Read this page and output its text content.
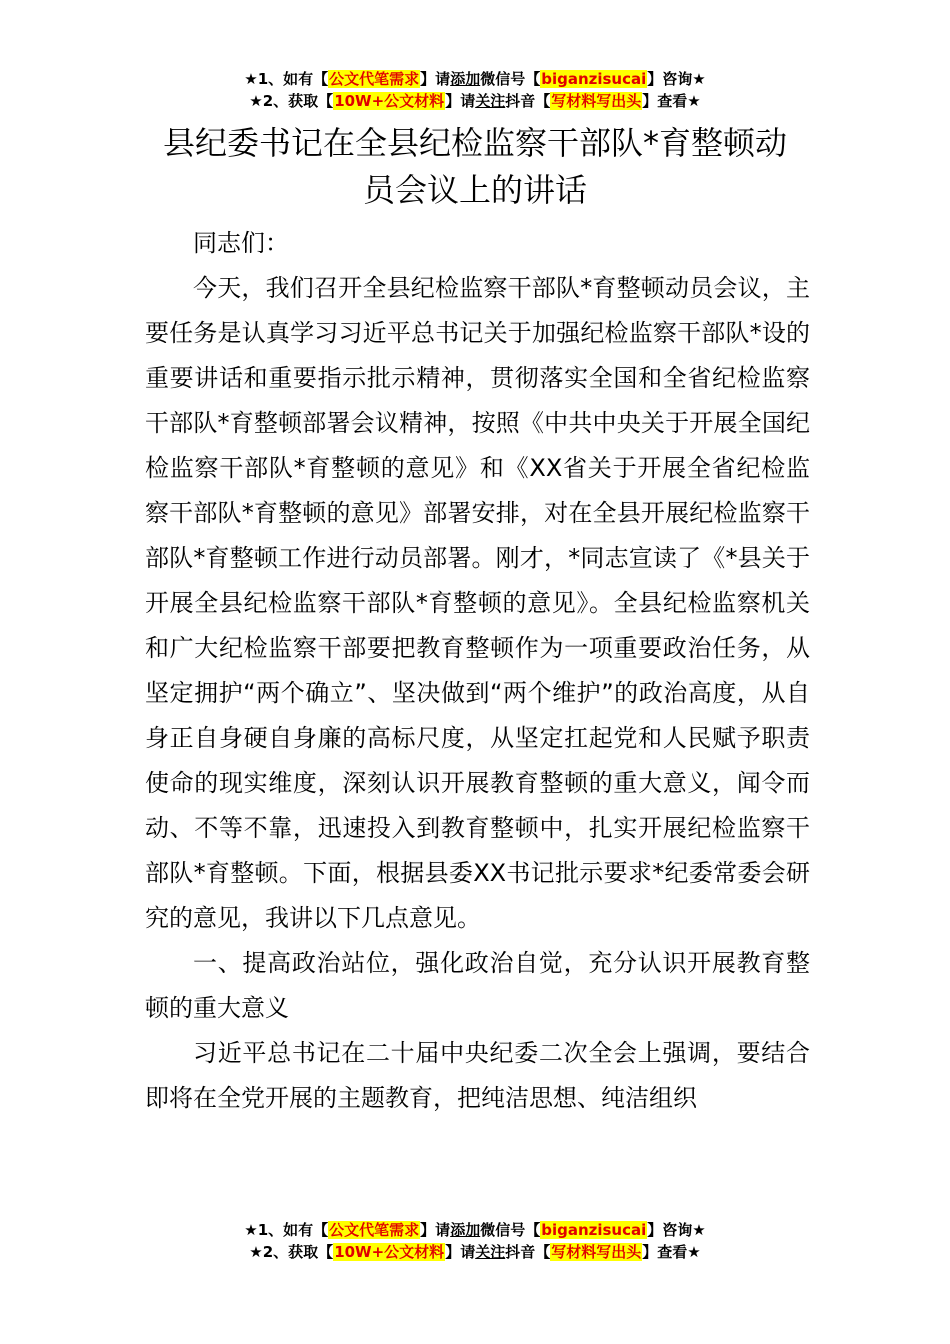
★1、如有【公文代笔需求】请添加微信号【biganzisucai】咨询★
★2、获取【10W+公文材料】请关注抖音【写材料写出头】查看★
县纪委书记在全县纪检监察干部队*育整顿动
员会议上的讲话

同志们：

今天，我们召开全县纪检监察干部队*育整顿动员会议，主要任务是认真学习习近平总书记关于加强纪检监察干部队*设的重要讲话和重要指示批示精神，贯彻落实全国和全省纪检监察干部队*育整顿部署会议精神，按照《中共中央关于开展全国纪检监察干部队*育整顿的意见》和《XX省关于开展全省纪检监察干部队*育整顿的意见》部署安排，对在全县开展纪检监察干部队*育整顿工作进行动员部署。刚才，*同志宣读了《*县关于开展全县纪检监察干部队*育整顿的意见》。全县纪检监察机关和广大纪检监察干部要把教育整顿作为一项重要政治任务，从坚定拥护“两个确立”、坚决做到“两个维护”的政治高度，从自身正自身硬自身廉的高标尺度，从坚定扛起党和人民赋予职责使命的现实维度，深刻认识开展教育整顿的重大意义，闻令而动、不等不靠，迅速投入到教育整顿中，扎实开展纪检监察干部队*育整顿。下面，根据县委XX书记批示要求*纪委常委会研究的意见，我讲以下几点意见。

一、提高政治站位，强化政治自觉，充分认识开展教育整顿的重大意义

习近平总书记在二十届中央纪委二次全会上强调，要结合即将在全党开展的主题教育，把纯洁思想、纯洁组织

★1、如有【公文代笔需求】请添加微信号【biganzisucai】咨询★
★2、获取【10W+公文材料】请关注抖音【写材料写出头】查看★
